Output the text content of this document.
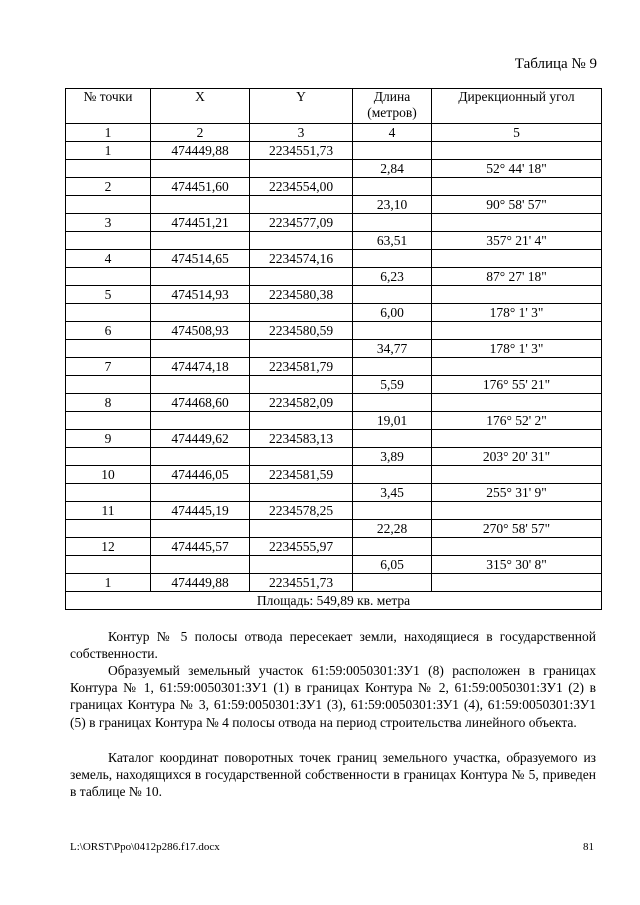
Таблица № 9
№ точки	X	Y	Длина (метров)	Дирекционный угол
1	2	3	4	5
1	474449,88	2234551,73		
			2,84	52° 44' 18"
2	474451,60	2234554,00		
			23,10	90° 58' 57"
3	474451,21	2234577,09		
			63,51	357° 21' 4"
4	474514,65	2234574,16		
			6,23	87° 27' 18"
5	474514,93	2234580,38		
			6,00	178° 1' 3"
6	474508,93	2234580,59		
			34,77	178° 1' 3"
7	474474,18	2234581,79		
			5,59	176° 55' 21"
8	474468,60	2234582,09		
			19,01	176° 52' 2"
9	474449,62	2234583,13		
			3,89	203° 20' 31"
10	474446,05	2234581,59		
			3,45	255° 31' 9"
11	474445,19	2234578,25		
			22,28	270° 58' 57"
12	474445,57	2234555,97		
			6,05	315° 30' 8"
1	474449,88	2234551,73		
Площадь: 549,89 кв. метра				

Контур № 5 полосы отвода пересекает земли, находящиеся в государственной собственности.

Образуемый земельный участок 61:59:0050301:ЗУ1 (8) расположен в границах Контура № 1, 61:59:0050301:ЗУ1 (1) в границах Контура № 2, 61:59:0050301:ЗУ1 (2) в границах Контура № 3, 61:59:0050301:ЗУ1 (3), 61:59:0050301:ЗУ1 (4), 61:59:0050301:ЗУ1 (5) в границах Контура № 4 полосы отвода на период строительства линейного объекта.

Каталог координат поворотных точек границ земельного участка, образуемого из земель, находящихся в государственной собственности в границах Контура № 5, приведен в таблице № 10.

L:\ORST\Ppo\0412p286.f17.docx	81
